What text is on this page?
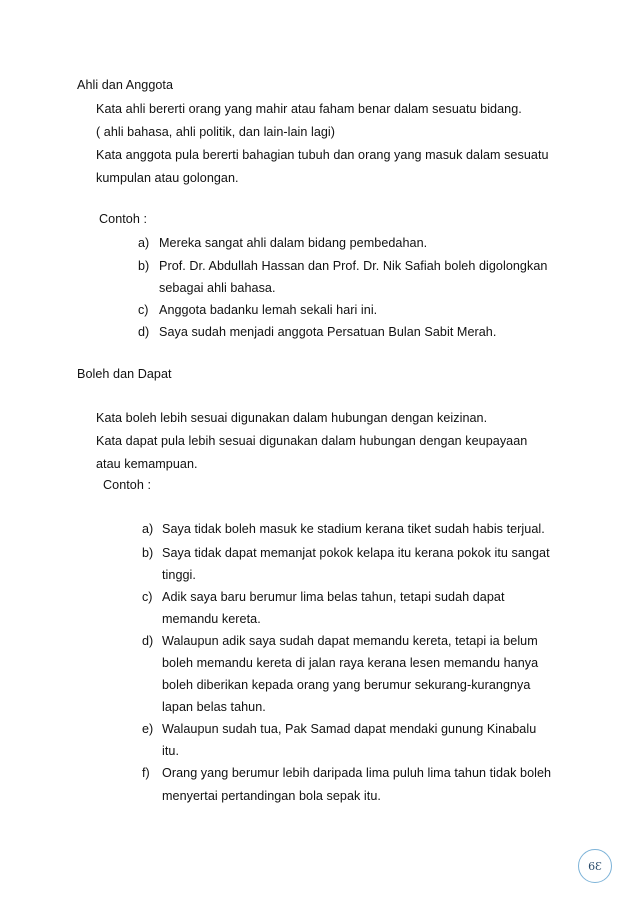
Ahli dan Anggota
Kata ahli bererti orang yang mahir atau faham benar dalam sesuatu bidang.
( ahli bahasa, ahli politik, dan lain-lain lagi)
Kata anggota pula bererti bahagian tubuh dan orang yang masuk dalam sesuatu
kumpulan atau golongan.
Contoh :
a) Mereka sangat ahli dalam bidang pembedahan.
b) Prof. Dr. Abdullah Hassan dan Prof. Dr. Nik Safiah boleh digolongkan
sebagai ahli bahasa.
c) Anggota badanku lemah sekali hari ini.
d) Saya sudah menjadi anggota Persatuan Bulan Sabit Merah.
Boleh dan Dapat
Kata boleh lebih sesuai digunakan dalam hubungan dengan keizinan.
Kata dapat pula lebih sesuai digunakan dalam hubungan dengan keupayaan
atau kemampuan.
Contoh :
a) Saya tidak boleh masuk ke stadium kerana tiket sudah habis terjual.
b) Saya tidak dapat memanjat pokok kelapa itu kerana pokok itu sangat
tinggi.
c) Adik saya baru berumur lima belas tahun, tetapi sudah dapat
memandu kereta.
d) Walaupun adik saya sudah dapat memandu kereta, tetapi ia belum
boleh memandu kereta di jalan raya kerana lesen memandu hanya
boleh diberikan kepada orang yang berumur sekurang-kurangnya
lapan belas tahun.
e) Walaupun sudah tua, Pak Samad dapat mendaki gunung Kinabalu
itu.
f) Orang yang berumur lebih daripada lima puluh lima tahun tidak boleh
menyertai pertandingan bola sepak itu.
6Ɛ
